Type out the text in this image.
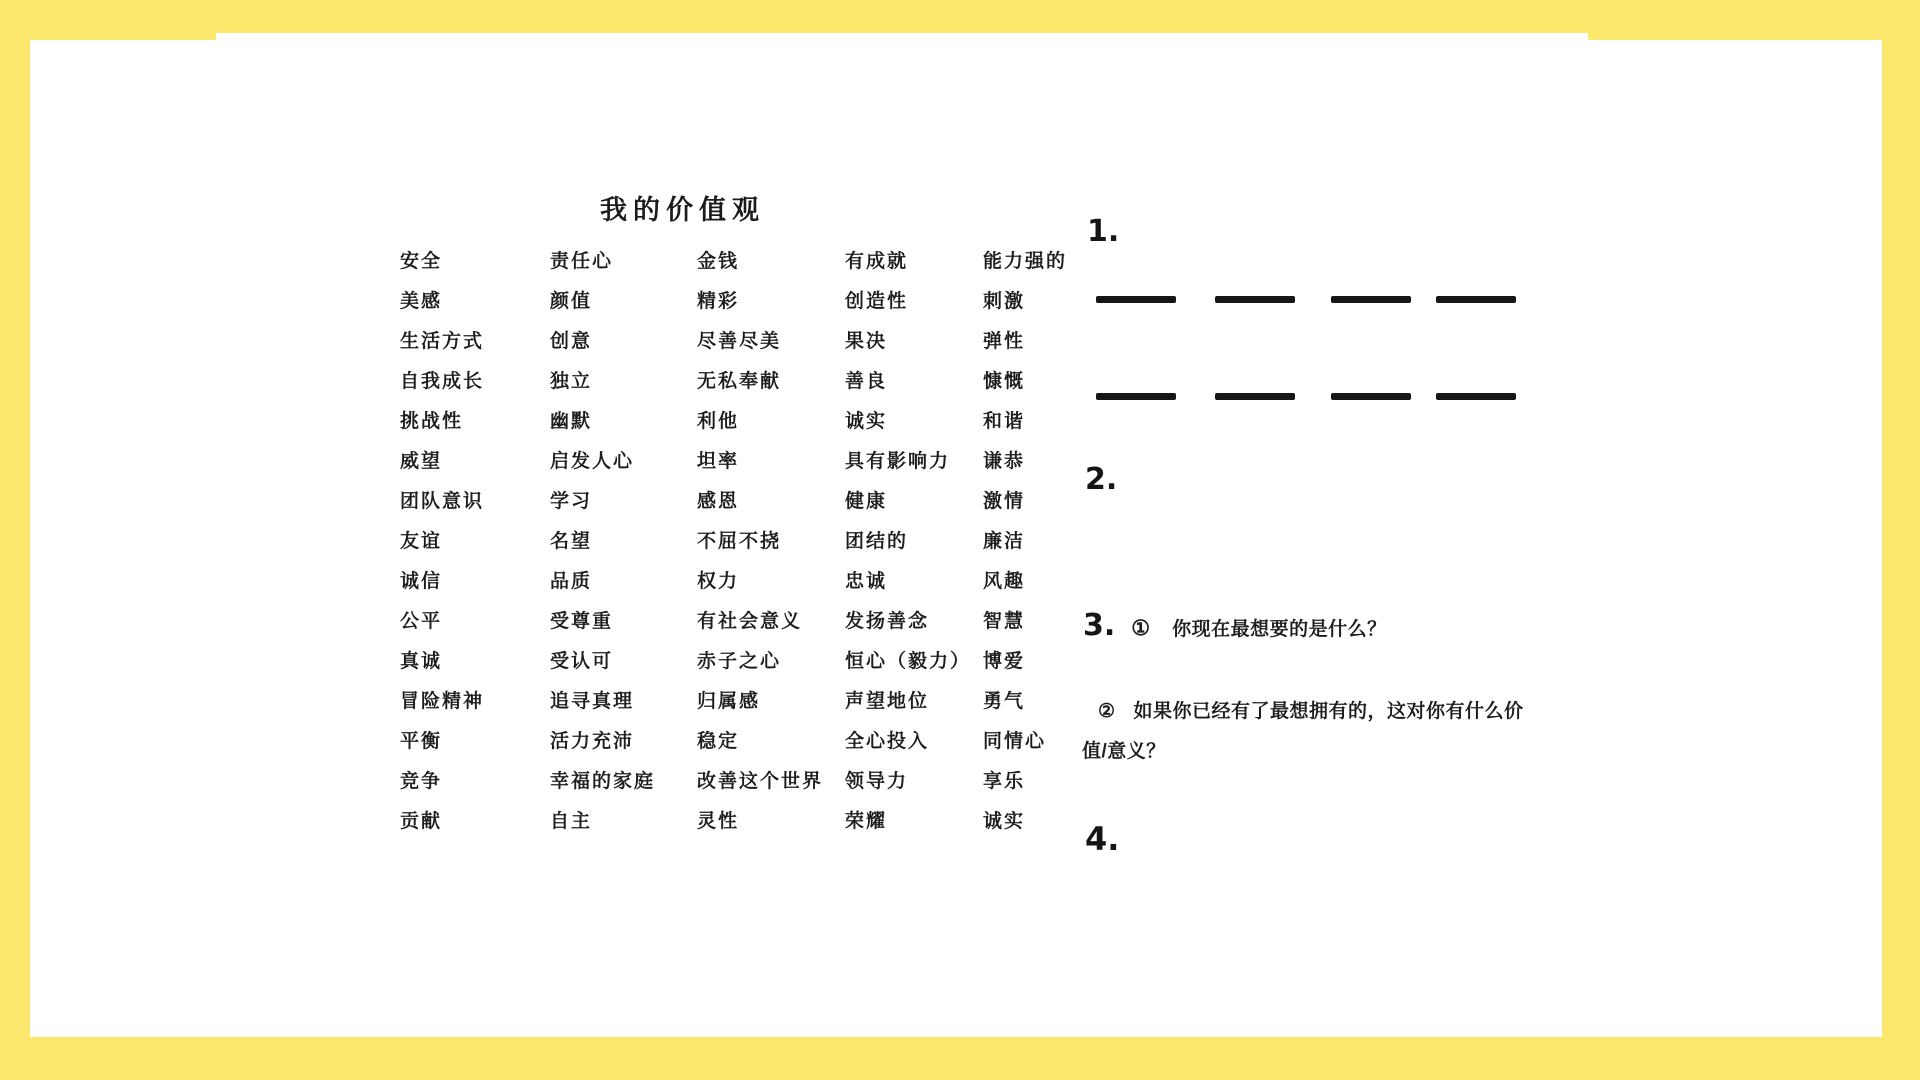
我的价值观
安全
美感
生活方式
自我成长
挑战性
威望
团队意识
友谊
诚信
公平
真诚
冒险精神
平衡
竞争
贡献
责任心
颜值
创意
独立
幽默
启发人心
学习
名望
品质
受尊重
受认可
追寻真理
活力充沛
幸福的家庭
自主
金钱
精彩
尽善尽美
无私奉献
利他
坦率
感恩
不屈不挠
权力
有社会意义
赤子之心
归属感
稳定
改善这个世界
灵性
有成就
创造性
果决
善良
诚实
具有影响力
健康
团结的
忠诚
发扬善念
恒心（毅力）
声望地位
全心投入
领导力
荣耀
能力强的
刺激
弹性
慷慨
和谐
谦恭
激情
廉洁
风趣
智慧
博爱
勇气
同情心
享乐
诚实
1.
2.
3. ① 你现在最想要的是什么？
② 如果你已经有了最想拥有的，这对你有什么价
值/意义？
4.
